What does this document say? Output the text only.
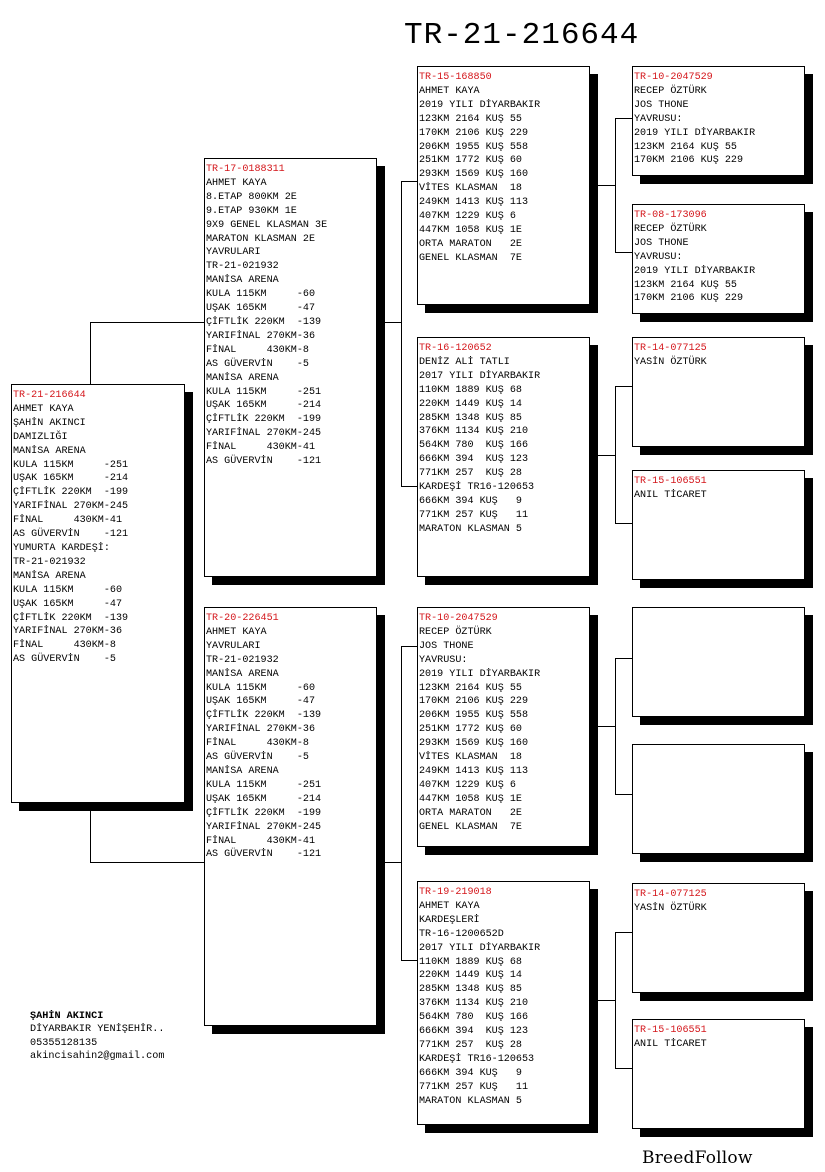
TR-21-216644
TR-21-216644
AHMET KAYA
ŞAHİN AKINCI
DAMIZLIĞI
MANİSA ARENA
KULA 115KM     -251
UŞAK 165KM     -214
ÇİFTLİK 220KM  -199
YARIFİNAL 270KM-245
FİNAL     430KM-41
AS GÜVERVİN    -121
YUMURTA KARDEŞİ:
TR-21-021932
MANİSA ARENA
KULA 115KM     -60
UŞAK 165KM     -47
ÇİFTLİK 220KM  -139
YARIFİNAL 270KM-36
FİNAL     430KM-8
AS GÜVERVİN    -5
TR-17-0188311
AHMET KAYA
8.ETAP 800KM 2E
9.ETAP 930KM 1E
9X9 GENEL KLASMAN 3E
MARATON KLASMAN 2E
YAVRULARI
TR-21-021932
MANİSA ARENA
KULA 115KM     -60
UŞAK 165KM     -47
ÇİFTLİK 220KM  -139
YARIFİNAL 270KM-36
FİNAL     430KM-8
AS GÜVERVİN    -5
MANİSA ARENA
KULA 115KM     -251
UŞAK 165KM     -214
ÇİFTLİK 220KM  -199
YARIFİNAL 270KM-245
FİNAL     430KM-41
AS GÜVERVİN    -121
TR-20-226451
AHMET KAYA
YAVRULARI
TR-21-021932
MANİSA ARENA
KULA 115KM     -60
UŞAK 165KM     -47
ÇİFTLİK 220KM  -139
YARIFİNAL 270KM-36
FİNAL     430KM-8
AS GÜVERVİN    -5
MANİSA ARENA
KULA 115KM     -251
UŞAK 165KM     -214
ÇİFTLİK 220KM  -199
YARIFİNAL 270KM-245
FİNAL     430KM-41
AS GÜVERVİN    -121
TR-15-168850
AHMET KAYA
2019 YILI DİYARBAKIR
123KM 2164 KUŞ 55
170KM 2106 KUŞ 229
206KM 1955 KUŞ 558
251KM 1772 KUŞ 60
293KM 1569 KUŞ 160
VİTES KLASMAN  18
249KM 1413 KUŞ 113
407KM 1229 KUŞ 6
447KM 1058 KUŞ 1E
ORTA MARATON   2E
GENEL KLASMAN  7E
TR-16-120652
DENİZ ALİ TATLI
2017 YILI DİYARBAKIR
110KM 1889 KUŞ 68
220KM 1449 KUŞ 14
285KM 1348 KUŞ 85
376KM 1134 KUŞ 210
564KM 780  KUŞ 166
666KM 394  KUŞ 123
771KM 257  KUŞ 28
KARDEŞİ TR16-120653
666KM 394 KUŞ   9
771KM 257 KUŞ   11
MARATON KLASMAN 5
TR-10-2047529
RECEP ÖZTÜRK
JOS THONE
YAVRUSU:
2019 YILI DİYARBAKIR
123KM 2164 KUŞ 55
170KM 2106 KUŞ 229
206KM 1955 KUŞ 558
251KM 1772 KUŞ 60
293KM 1569 KUŞ 160
VİTES KLASMAN  18
249KM 1413 KUŞ 113
407KM 1229 KUŞ 6
447KM 1058 KUŞ 1E
ORTA MARATON   2E
GENEL KLASMAN  7E
TR-19-219018
AHMET KAYA
KARDEŞLERİ
TR-16-1200652D
2017 YILI DİYARBAKIR
110KM 1889 KUŞ 68
220KM 1449 KUŞ 14
285KM 1348 KUŞ 85
376KM 1134 KUŞ 210
564KM 780  KUŞ 166
666KM 394  KUŞ 123
771KM 257  KUŞ 28
KARDEŞİ TR16-120653
666KM 394 KUŞ   9
771KM 257 KUŞ   11
MARATON KLASMAN 5
TR-10-2047529
RECEP ÖZTÜRK
JOS THONE
YAVRUSU:
2019 YILI DİYARBAKIR
123KM 2164 KUŞ 55
170KM 2106 KUŞ 229
TR-08-173096
RECEP ÖZTÜRK
JOS THONE
YAVRUSU:
2019 YILI DİYARBAKIR
123KM 2164 KUŞ 55
170KM 2106 KUŞ 229
TR-14-077125
YASİN ÖZTÜRK
TR-15-106551
ANIL TİCARET
TR-14-077125
YASİN ÖZTÜRK
TR-15-106551
ANIL TİCARET
ŞAHİN AKINCI
DİYARBAKIR YENİŞEHİR..
05355128135
akincisahin2@gmail.com
BreedFollow
